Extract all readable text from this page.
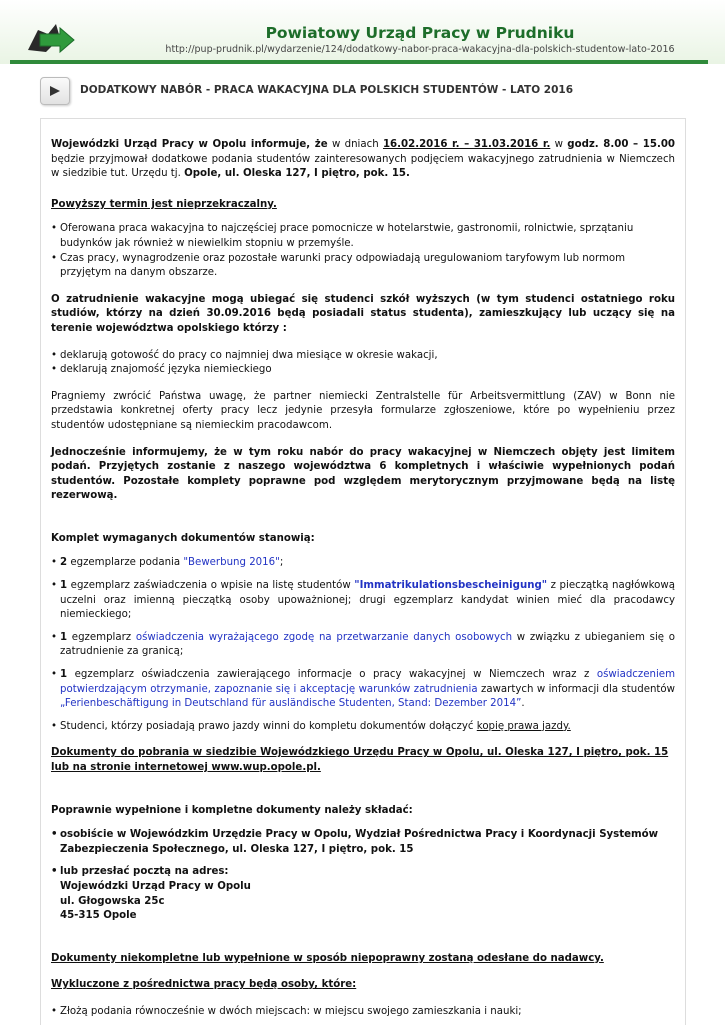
Powiatowy Urząd Pracy w Prudniku
http://pup-prudnik.pl/wydarzenie/124/dodatkowy-nabor-praca-wakacyjna-dla-polskich-studentow-lato-2016
DODATKOWY NABÓR - PRACA WAKACYJNA DLA POLSKICH STUDENTÓW - LATO 2016

Wojewódzki Urząd Pracy w Opolu informuje, że w dniach 16.02.2016 r. – 31.03.2016 r. w godz. 8.00 – 15.00 będzie przyjmował dodatkowe podania studentów zainteresowanych podjęciem wakacyjnego zatrudnienia w Niemczech w siedzibie tut. Urzędu tj. Opole, ul. Oleska 127, I piętro, pok. 15.

Powyższy termin jest nieprzekraczalny.

• Oferowana praca wakacyjna to najczęściej prace pomocnicze w hotelarstwie, gastronomii, rolnictwie, sprzątaniu budynków jak również w niewielkim stopniu w przemyśle.
• Czas pracy, wynagrodzenie oraz pozostałe warunki pracy odpowiadają uregulowaniom taryfowym lub normom przyjętym na danym obszarze.

O zatrudnienie wakacyjne mogą ubiegać się studenci szkół wyższych (w tym studenci ostatniego roku studiów, którzy na dzień 30.09.2016 będą posiadali status studenta), zamieszkujący lub uczący się na terenie województwa opolskiego którzy :

• deklarują gotowość do pracy co najmniej dwa miesiące w okresie wakacji,
• deklarują znajomość języka niemieckiego

Pragniemy zwrócić Państwa uwagę, że partner niemiecki Zentralstelle für Arbeitsvermittlung (ZAV) w Bonn nie przedstawia konkretnej oferty pracy lecz jedynie przesyła formularze zgłoszeniowe, które po wypełnieniu przez studentów udostępniane są niemieckim pracodawcom.

Jednocześnie informujemy, że w tym roku nabór do pracy wakacyjnej w Niemczech objęty jest limitem podań. Przyjętych zostanie z naszego województwa 6 kompletnych i właściwie wypełnionych podań studentów. Pozostałe komplety poprawne pod względem merytorycznym przyjmowane będą na listę rezerwową.

Komplet wymaganych dokumentów stanowią:

• 2 egzemplarze podania "Bewerbung 2016";
• 1 egzemplarz zaświadczenia o wpisie na listę studentów "Immatrikulationsbescheinigung" z pieczątką nagłówkową uczelni oraz imienną pieczątką osoby upoważnionej; drugi egzemplarz kandydat winien mieć dla pracodawcy niemieckiego;
• 1 egzemplarz oświadczenia wyrażającego zgodę na przetwarzanie danych osobowych w związku z ubieganiem się o zatrudnienie za granicą;
• 1 egzemplarz oświadczenia zawierającego informacje o pracy wakacyjnej w Niemczech wraz z oświadczeniem potwierdzającym otrzymanie, zapoznanie się i akceptację warunków zatrudnienia zawartych w informacji dla studentów „Ferienbeschäftigung in Deutschland für ausländische Studenten, Stand: Dezember 2014”.
• Studenci, którzy posiadają prawo jazdy winni do kompletu dokumentów dołączyć kopię prawa jazdy.

Dokumenty do pobrania w siedzibie Wojewódzkiego Urzędu Pracy w Opolu, ul. Oleska 127, I piętro, pok. 15 lub na stronie internetowej www.wup.opole.pl.

Poprawnie wypełnione i kompletne dokumenty należy składać:

• osobiście w Wojewódzkim Urzędzie Pracy w Opolu, Wydział Pośrednictwa Pracy i Koordynacji Systemów Zabezpieczenia Społecznego, ul. Oleska 127, I piętro, pok. 15
• lub przesłać pocztą na adres:
Wojewódzki Urząd Pracy w Opolu
ul. Głogowska 25c
45-315 Opole

Dokumenty niekompletne lub wypełnione w sposób niepoprawny zostaną odesłane do nadawcy.

Wykluczone z pośrednictwa pracy będą osoby, które:

• Złożą podania równocześnie w dwóch miejscach: w miejscu swojego zamieszkania i nauki;
